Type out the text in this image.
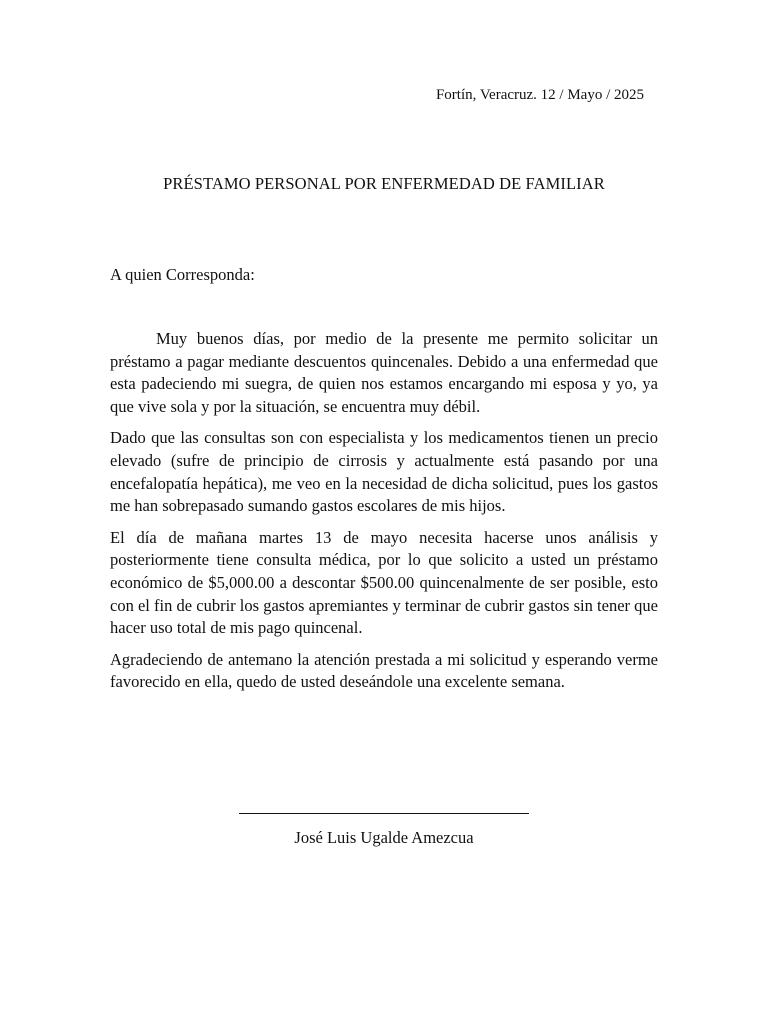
Fortín, Veracruz. 12 / Mayo / 2025
PRÉSTAMO PERSONAL POR ENFERMEDAD DE FAMILIAR
A quien Corresponda:

Muy buenos días, por medio de la presente me permito solicitar un préstamo a pagar mediante descuentos quincenales. Debido a una enfermedad que esta padeciendo mi suegra, de quien nos estamos encargando mi esposa y yo, ya que vive sola y por la situación, se encuentra muy débil.

Dado que las consultas son con especialista y los medicamentos tienen un precio elevado (sufre de principio de cirrosis y actualmente está pasando por una encefalopatía hepática), me veo en la necesidad de dicha solicitud, pues los gastos me han sobrepasado sumando gastos escolares de mis hijos.

El día de mañana martes 13 de mayo necesita hacerse unos análisis y posteriormente tiene consulta médica, por lo que solicito a usted un préstamo económico de $5,000.00 a descontar $500.00 quincenalmente de ser posible, esto con el fin de cubrir los gastos apremiantes y terminar de cubrir gastos sin tener que hacer uso total de mis pago quincenal.

Agradeciendo de antemano la atención prestada a mi solicitud y esperando verme favorecido en ella, quedo de usted deseándole una excelente semana.

José Luis Ugalde Amezcua
